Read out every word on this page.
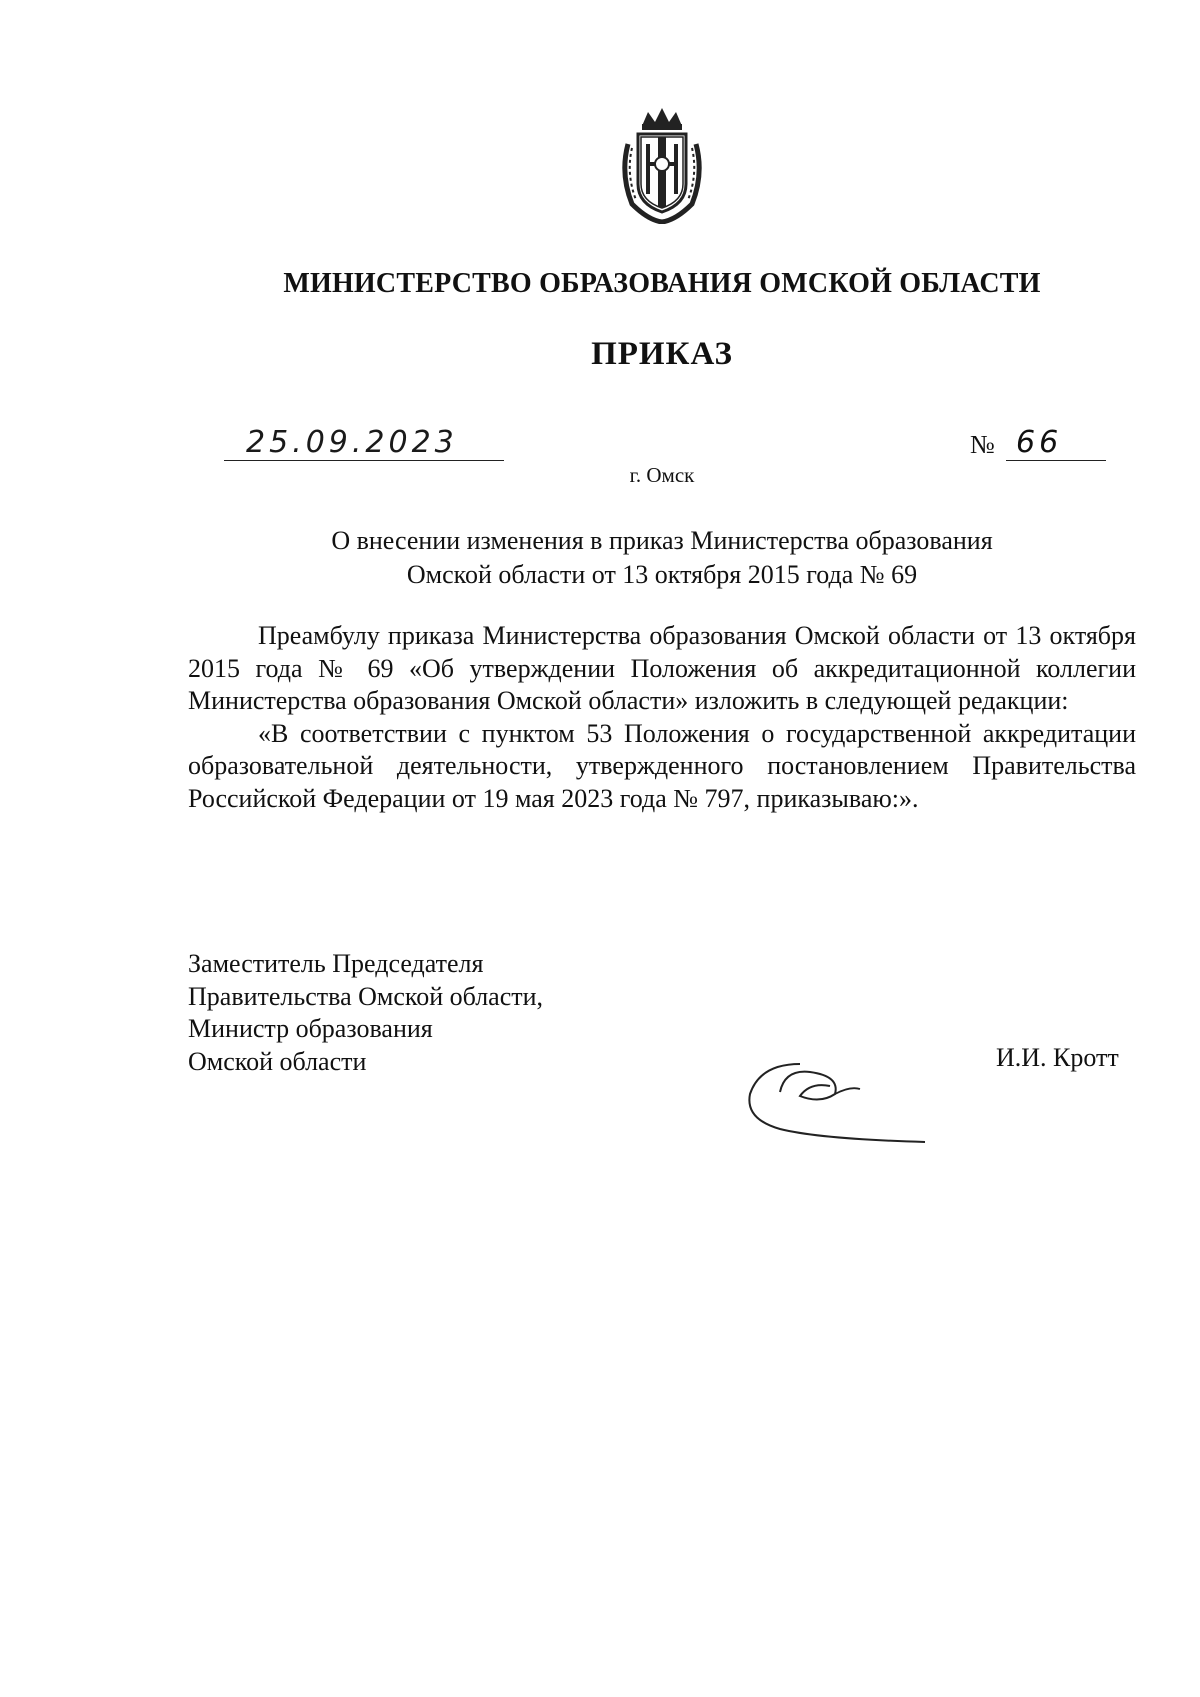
МИНИСТЕРСТВО ОБРАЗОВАНИЯ ОМСКОЙ ОБЛАСТИ
ПРИКАЗ
25.09.2023	№ 66
г. Омск
О внесении изменения в приказ Министерства образования
Омской области от 13 октября 2015 года № 69

Преамбулу приказа Министерства образования Омской области от 13 октября 2015 года № 69 «Об утверждении Положения об аккредитационной коллегии Министерства образования Омской области» изложить в следующей редакции:

«В соответствии с пунктом 53 Положения о государственной аккредитации образовательной деятельности, утвержденного постановлением Правительства Российской Федерации от 19 мая 2023 года № 797, приказываю:».

Заместитель Председателя
Правительства Омской области,
Министр образования
Омской области	И.И. Кротт
